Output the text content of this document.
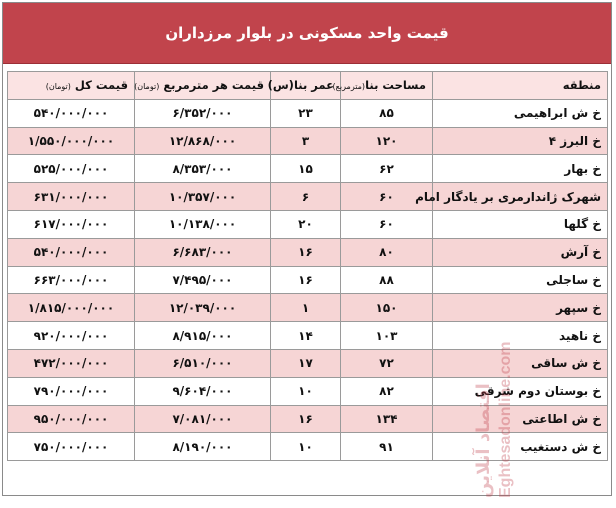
قیمت واحد مسکونی در بلوار مرزداران
منطقه	مساحت بنا(مترمربع)	عمر بنا(س)	قیمت هر مترمربع (تومان)	قیمت کل (تومان)
خ ش ابراهیمی	۸۵	۲۳	۶/۳۵۲/۰۰۰	۵۴۰/۰۰۰/۰۰۰
خ البرز ۴	۱۲۰	۳	۱۲/۸۶۸/۰۰۰	۱/۵۵۰/۰۰۰/۰۰۰
خ بهار	۶۲	۱۵	۸/۳۵۳/۰۰۰	۵۲۵/۰۰۰/۰۰۰
شهرک ژاندارمری بر یادگار امام	۶۰	۶	۱۰/۳۵۷/۰۰۰	۶۳۱/۰۰۰/۰۰۰
خ گلها	۶۰	۲۰	۱۰/۱۳۸/۰۰۰	۶۱۷/۰۰۰/۰۰۰
خ آرش	۸۰	۱۶	۶/۶۸۳/۰۰۰	۵۴۰/۰۰۰/۰۰۰
خ ساجلی	۸۸	۱۶	۷/۴۹۵/۰۰۰	۶۶۳/۰۰۰/۰۰۰
خ سپهر	۱۵۰	۱	۱۲/۰۳۹/۰۰۰	۱/۸۱۵/۰۰۰/۰۰۰
خ ناهید	۱۰۳	۱۴	۸/۹۱۵/۰۰۰	۹۲۰/۰۰۰/۰۰۰
خ ش ساقی	۷۲	۱۷	۶/۵۱۰/۰۰۰	۴۷۲/۰۰۰/۰۰۰
خ بوستان دوم شرقی	۸۲	۱۰	۹/۶۰۴/۰۰۰	۷۹۰/۰۰۰/۰۰۰
خ ش اطاعتی	۱۳۴	۱۶	۷/۰۸۱/۰۰۰	۹۵۰/۰۰۰/۰۰۰
خ ش دستغیب	۹۱	۱۰	۸/۱۹۰/۰۰۰	۷۵۰/۰۰۰/۰۰۰	اقتصاد آنلاین Eghtesadonline.com
